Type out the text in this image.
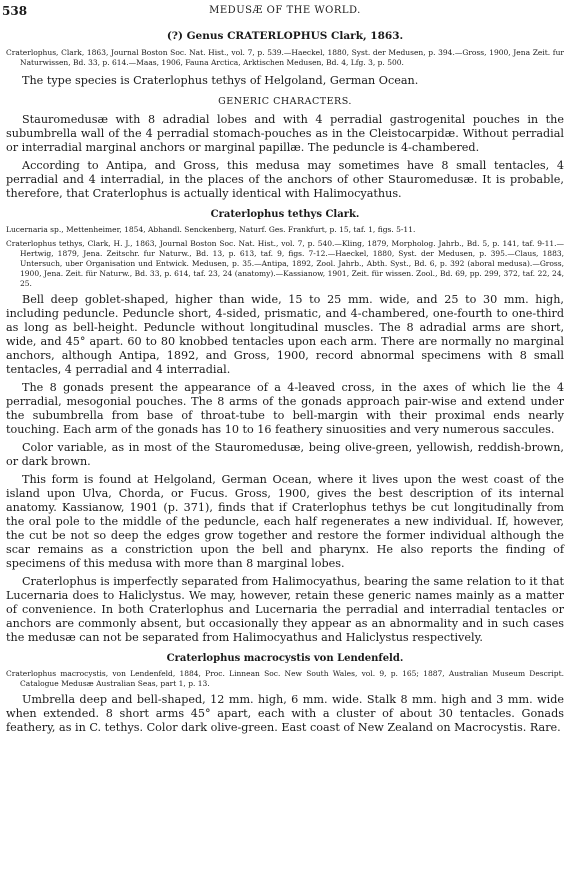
538	MEDUSÆ OF THE WORLD.
(?) Genus CRATERLOPHUS Clark, 1863.

Craterlophus, Clark, 1863, Journal Boston Soc. Nat. Hist., vol. 7, p. 539.—Haeckel, 1880, Syst. der Medusen, p. 394.—Gross, 1900, Jena Zeit. fur Naturwissen, Bd. 33, p. 614.—Maas, 1906, Fauna Arctica, Arktischen Medusen, Bd. 4, Lfg. 3, p. 500.

The type species is Craterlophus tethys of Helgoland, German Ocean.

GENERIC CHARACTERS.

Stauromedusæ with 8 adradial lobes and with 4 perradial gastrogenital pouches in the subumbrella wall of the 4 perradial stomach-pouches as in the Cleistocarpidæ. Without perradial or interradial marginal anchors or marginal papillæ. The peduncle is 4-chambered.

According to Antipa, and Gross, this medusa may sometimes have 8 small tentacles, 4 perradial and 4 interradial, in the places of the anchors of other Stauromedusæ. It is probable, therefore, that Craterlophus is actually identical with Halimocyathus.

Craterlophus tethys Clark.

Lucernaria sp., Mettenheimer, 1854, Abhandl. Senckenberg, Naturf. Ges. Frankfurt, p. 15, taf. 1, figs. 5-11.

Craterlophus tethys, Clark, H. J., 1863, Journal Boston Soc. Nat. Hist., vol. 7, p. 540.—Kling, 1879, Morpholog. Jahrb., Bd. 5, p. 141, taf. 9-11.—Hertwig, 1879, Jena. Zeitschr. fur Naturw., Bd. 13, p. 613, taf. 9, figs. 7-12.—Haeckel, 1880, Syst. der Medusen, p. 395.—Claus, 1883, Untersuch, uber Organisation und Entwick. Medusen, p. 35.—Antipa, 1892, Zool. Jahrb., Abth. Syst., Bd. 6, p. 392 (aboral medusa).—Gross, 1900, Jena. Zeit. für Naturw., Bd. 33, p. 614, taf. 23, 24 (anatomy).—Kassianow, 1901, Zeit. für wissen. Zool., Bd. 69, pp. 299, 372, taf. 22, 24, 25.

Bell deep goblet-shaped, higher than wide, 15 to 25 mm. wide, and 25 to 30 mm. high, including peduncle. Peduncle short, 4-sided, prismatic, and 4-chambered, one-fourth to one-third as long as bell-height. Peduncle without longitudinal muscles. The 8 adradial arms are short, wide, and 45° apart. 60 to 80 knobbed tentacles upon each arm. There are normally no marginal anchors, although Antipa, 1892, and Gross, 1900, record abnormal specimens with 8 small tentacles, 4 perradial and 4 interradial.

The 8 gonads present the appearance of a 4-leaved cross, in the axes of which lie the 4 perradial, mesogonial pouches. The 8 arms of the gonads approach pair-wise and extend under the subumbrella from base of throat-tube to bell-margin with their proximal ends nearly touching. Each arm of the gonads has 10 to 16 feathery sinuosities and very numerous saccules.

Color variable, as in most of the Stauromedusæ, being olive-green, yellowish, reddish-brown, or dark brown.

This form is found at Helgoland, German Ocean, where it lives upon the west coast of the island upon Ulva, Chorda, or Fucus. Gross, 1900, gives the best description of its internal anatomy. Kassianow, 1901 (p. 371), finds that if Craterlophus tethys be cut longitudinally from the oral pole to the middle of the peduncle, each half regenerates a new individual. If, however, the cut be not so deep the edges grow together and restore the former individual although the scar remains as a constriction upon the bell and pharynx. He also reports the finding of specimens of this medusa with more than 8 marginal lobes.

Craterlophus is imperfectly separated from Halimocyathus, bearing the same relation to it that Lucernaria does to Haliclystus. We may, however, retain these generic names mainly as a matter of convenience. In both Craterlophus and Lucernaria the perradial and interradial tentacles or anchors are commonly absent, but occasionally they appear as an abnormality and in such cases the medusæ can not be separated from Halimocyathus and Haliclystus respectively.

Craterlophus macrocystis von Lendenfeld.

Craterlophus macrocystis, von Lendenfeld, 1884, Proc. Linnean Soc. New South Wales, vol. 9, p. 165; 1887, Australian Museum Descript. Catalogue Medusæ Australian Seas, part 1, p. 13.

Umbrella deep and bell-shaped, 12 mm. high, 6 mm. wide. Stalk 8 mm. high and 3 mm. wide when extended. 8 short arms 45° apart, each with a cluster of about 30 tentacles. Gonads feathery, as in C. tethys. Color dark olive-green. East coast of New Zealand on Macrocystis. Rare.
